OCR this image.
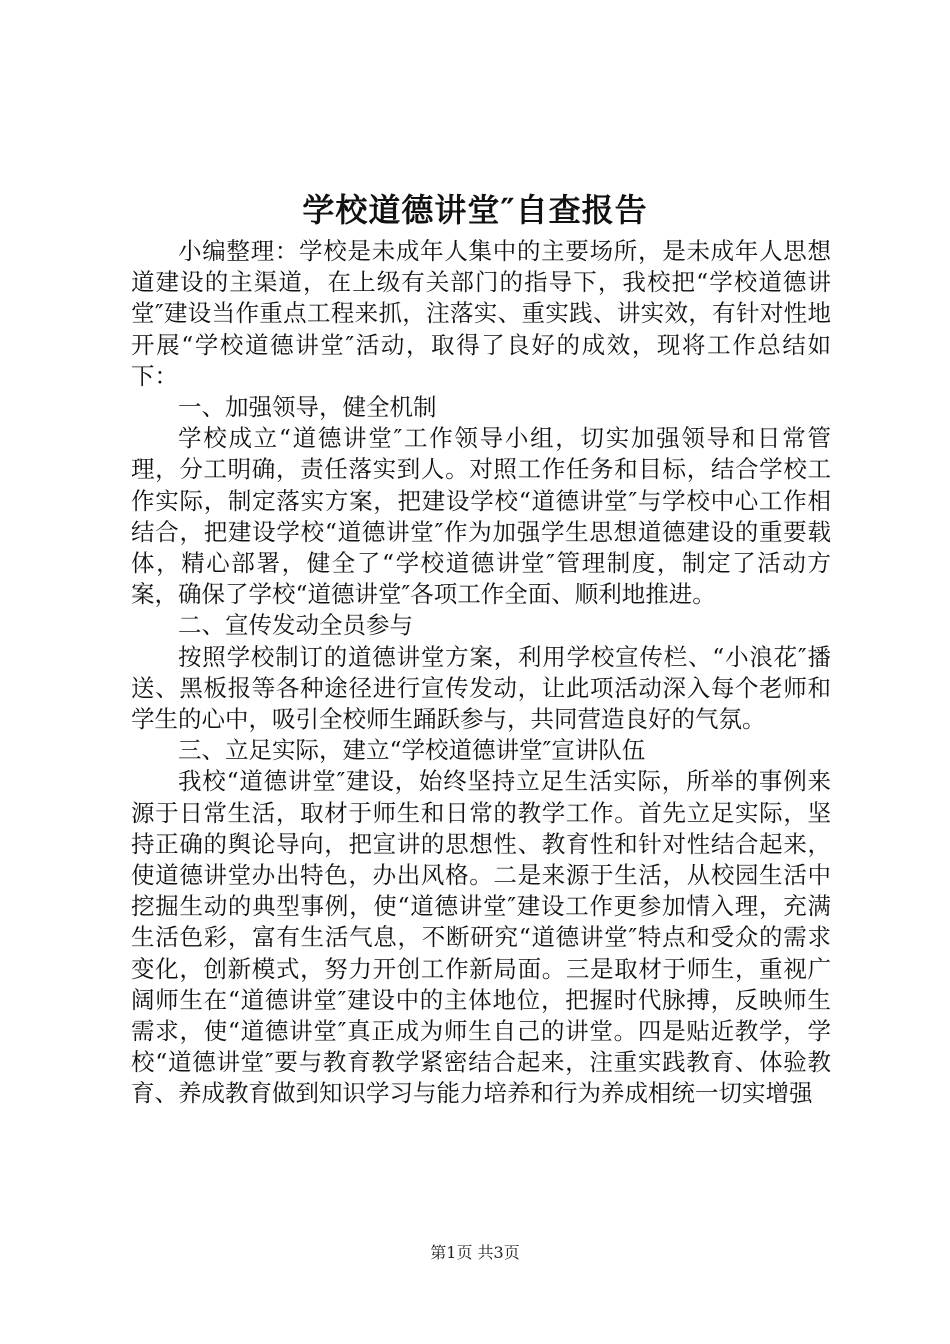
学校道德讲堂″自查报告

小编整理：学校是未成年人集中的主要场所，是未成年人思想道建设的主渠道，在上级有关部门的指导下，我校把“学校道德讲堂″建设当作重点工程来抓，注落实、重实践、讲实效，有针对性地开展“学校道德讲堂″活动，取得了良好的成效，现将工作总结如下：

一、加强领导，健全机制

学校成立“道德讲堂″工作领导小组，切实加强领导和日常管理，分工明确，责任落实到人。对照工作任务和目标，结合学校工作实际，制定落实方案，把建设学校“道德讲堂″与学校中心工作相结合，把建设学校“道德讲堂″作为加强学生思想道德建设的重要载体，精心部署，健全了“学校道德讲堂″管理制度，制定了活动方案，确保了学校“道德讲堂″各项工作全面、顺利地推进。

二、宣传发动全员参与

按照学校制订的道德讲堂方案，利用学校宣传栏、“小浪花″播送、黑板报等各种途径进行宣传发动，让此项活动深入每个老师和学生的心中，吸引全校师生踊跃参与，共同营造良好的气氛。

三、立足实际，建立“学校道德讲堂″宣讲队伍

我校“道德讲堂″建设，始终坚持立足生活实际，所举的事例来源于日常生活，取材于师生和日常的教学工作。首先立足实际，坚持正确的舆论导向，把宣讲的思想性、教育性和针对性结合起来，使道德讲堂办出特色，办出风格。二是来源于生活，从校园生活中挖掘生动的典型事例，使“道德讲堂″建设工作更参加情入理，充满生活色彩，富有生活气息，不断研究“道德讲堂″特点和受众的需求变化，创新模式，努力开创工作新局面。三是取材于师生，重视广阔师生在“道德讲堂″建设中的主体地位，把握时代脉搏，反映师生需求，使“道德讲堂″真正成为师生自己的讲堂。四是贴近教学，学校“道德讲堂″要与教育教学紧密结合起来，注重实践教育、体验教育、养成教育做到知识学习与能力培养和行为养成相统一切实增强

第1页 共3页
